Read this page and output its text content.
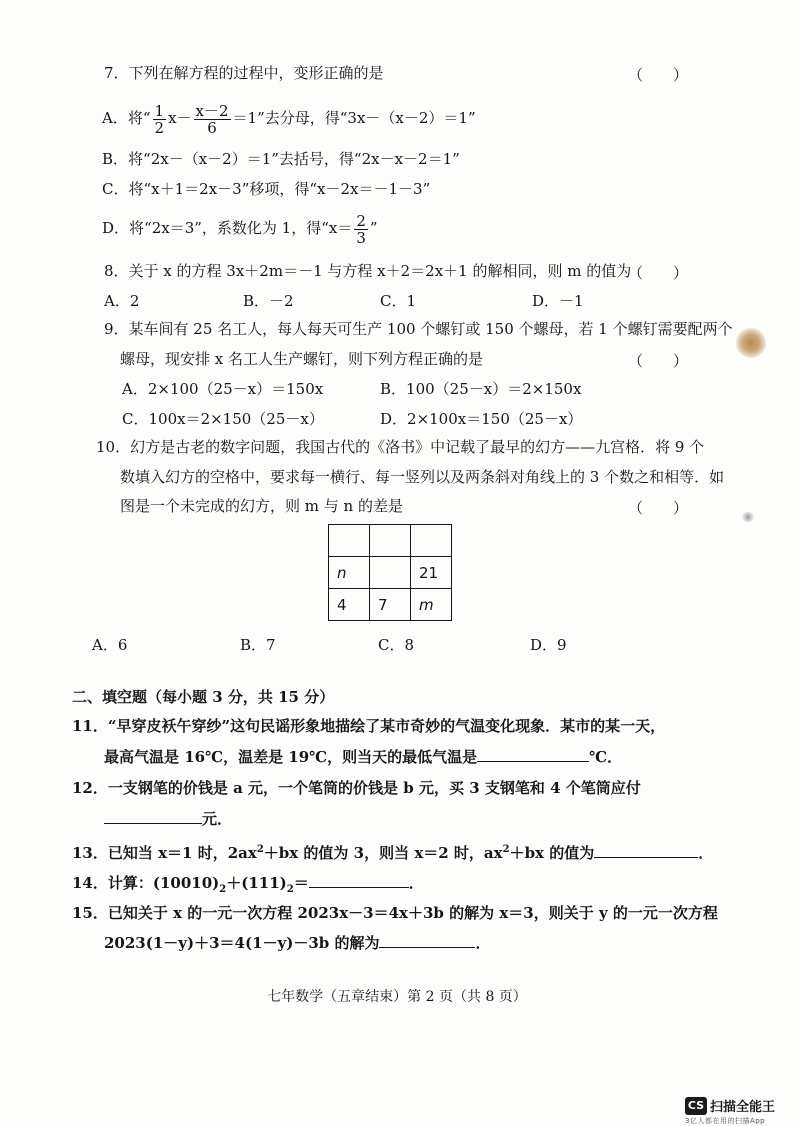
7．下列在解方程的过程中，变形正确的是	（　　）
A．将“ $\frac{1}{2} x- \frac{x-2}{6} =1$”去分母，得“3x－（x－2）＝1”
B．将“2x－（x－2）＝1”去括号，得“2x－x－2＝1”
C．将“x＋1＝2x－3”移项，得“x－2x＝－1－3”
D．将“2x＝3”，系数化为 1，得“$x= \frac{2}{3}$ ”
8．关于 x 的方程 3x＋2m＝－1 与方程 x＋2＝2x＋1 的解相同，则 m 的值为
（　　）
A．2	B．－2	C．1	D．－1
9．某车间有 25 名工人，每人每天可生产 100 个螺钉或 150 个螺母，若 1 个螺钉需要配两个
螺母，现安排 x 名工人生产螺钉，则下列方程正确的是	（　　）
A．2×100（25－x）＝150x	B．100（25－x）＝2×150x
C．100x＝2×150（25－x）	D．2×100x＝150（25－x）
10．幻方是古老的数字问题，我国古代的《洛书》中记载了最早的幻方——九宫格．将 9 个
数填入幻方的空格中，要求每一横行、每一竖列以及两条斜对角线上的 3 个数之和相等．如
图是一个未完成的幻方，则 m 与 n 的差是	（　　）

n		21
4	7	m
A．6	B．7	C．8	D．9
二、填空题（每小题 3 分，共 15 分）
11．“早穿皮袄午穿纱”这句民谣形象地描绘了某市奇妙的气温变化现象．某市的某一天，
最高气温是 16℃，温差是 19℃，则当天的最低气温是	℃．
12．一支钢笔的价钱是 a 元，一个笔筒的价钱是 b 元，买 3 支钢笔和 4 个笔筒应付
元．
13．已知当 x＝1 时，$2ax^2+bx$ 的值为 3，则当 x＝2 时，$ax^2+bx$ 的值为	．
14．计算：$(10010)_2+(111)_2=$	．
15．已知关于 x 的一元一次方程 2023x－3＝4x＋3b 的解为 x＝3，则关于 y 的一元一次方程
2023(1－y)＋3＝4(1－y)－3b 的解为	．
七年数学（五章结束）第 2 页（共 8 页）
CS 扫描全能王
3亿人都在用的扫描App
